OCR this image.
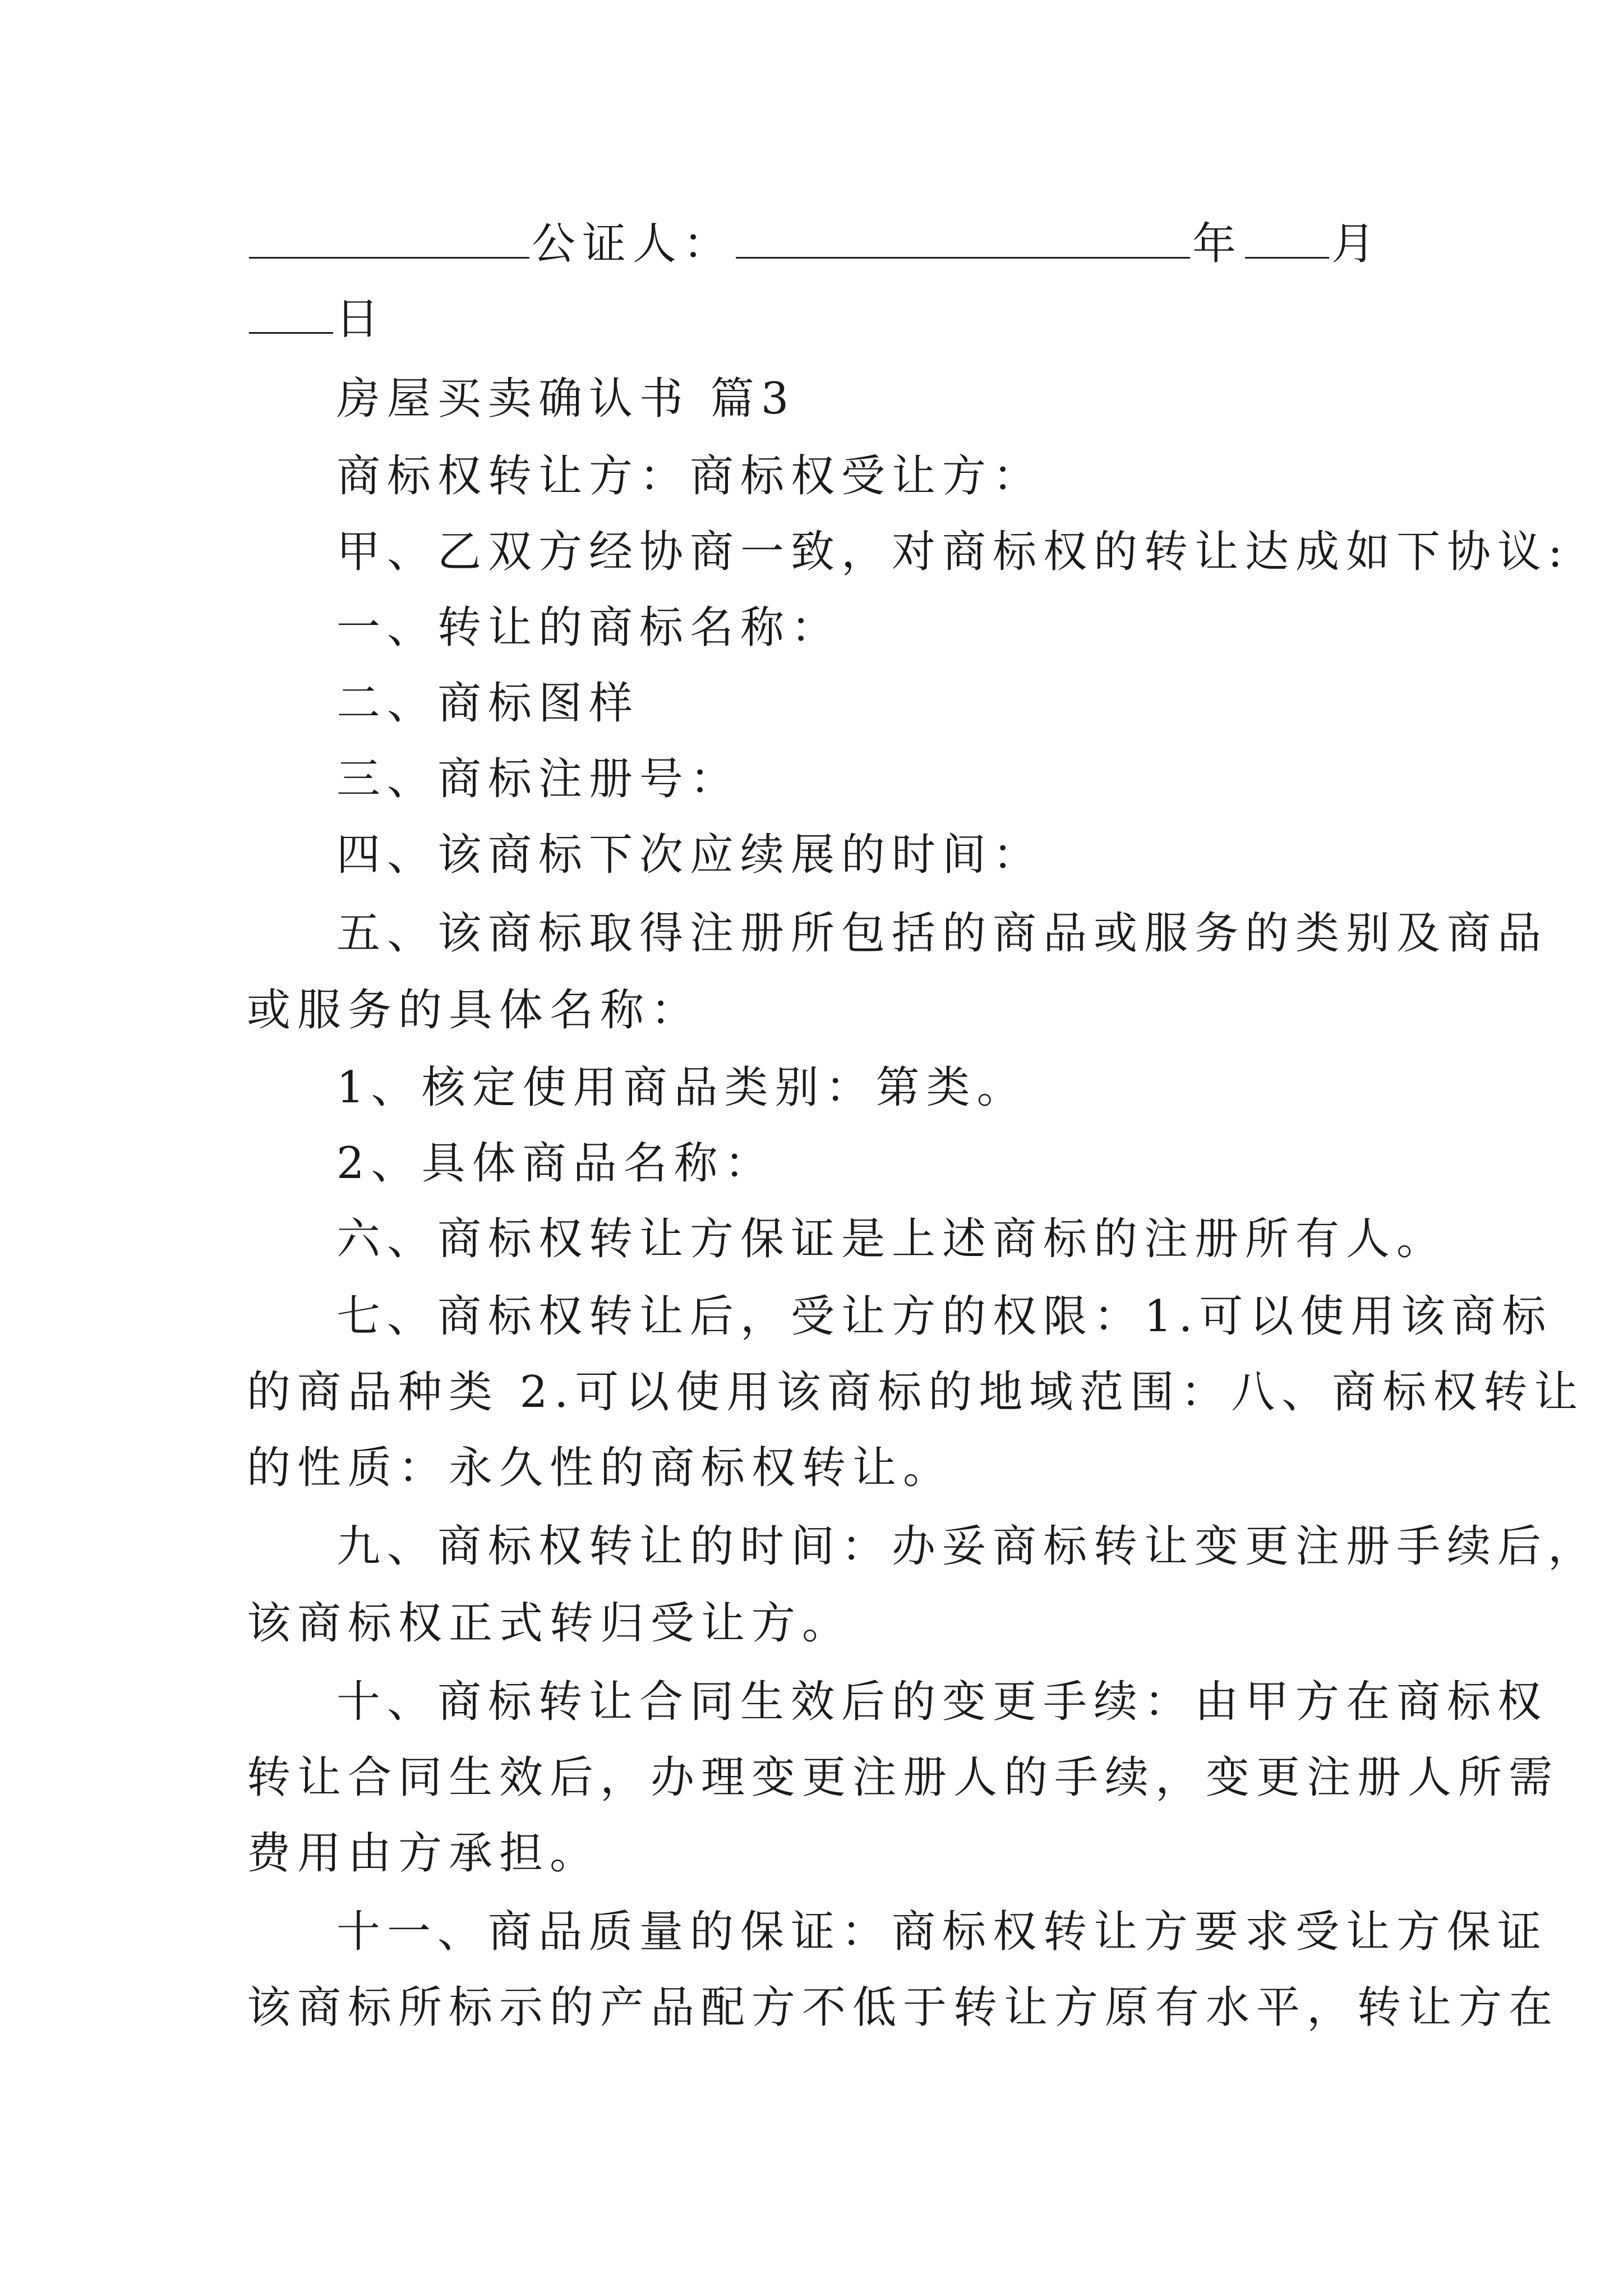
公证人：	年 月
日
房屋买卖确认书 篇3
商标权转让方：商标权受让方：
甲、乙双方经协商一致，对商标权的转让达成如下协议:
一、转让的商标名称：
二、商标图样
三、商标注册号：
四、该商标下次应续展的时间：
五、该商标取得注册所包括的商品或服务的类别及商品
或服务的具体名称：
1、核定使用商品类别：第类。
2、具体商品名称：
六、商标权转让方保证是上述商标的注册所有人。
七、商标权转让后，受让方的权限：1.可以使用该商标
的商品种类 2.可以使用该商标的地域范围：八、商标权转让
的性质：永久性的商标权转让。
九、商标权转让的时间：办妥商标转让变更注册手续后，
该商标权正式转归受让方。
十、商标转让合同生效后的变更手续：由甲方在商标权
转让合同生效后，办理变更注册人的手续，变更注册人所需
费用由方承担。
十一、商品质量的保证：商标权转让方要求受让方保证
该商标所标示的产品配方不低于转让方原有水平，转让方在
